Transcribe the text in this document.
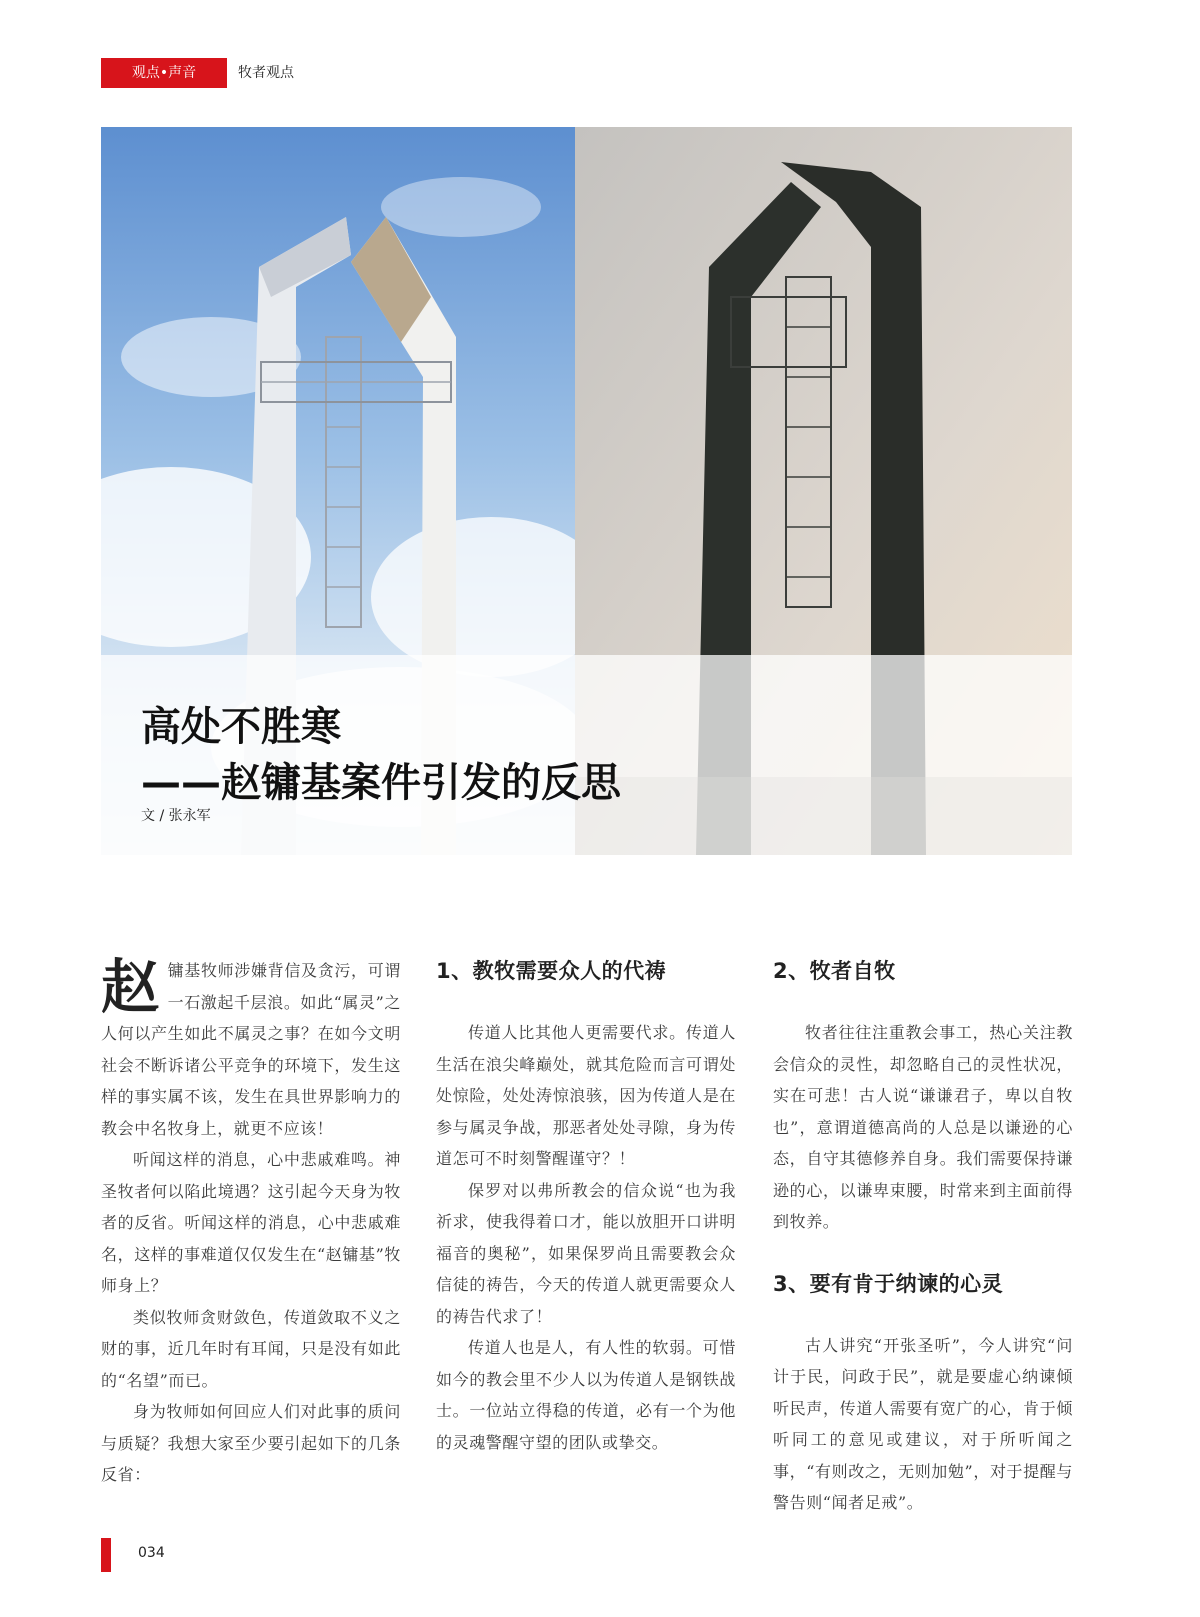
观点•声音	牧者观点
高处不胜寒
——赵镛基案件引发的反思
文 / 张永军

赵镛基牧师涉嫌背信及贪污，可谓一石激起千层浪。如此“属灵”之人何以产生如此不属灵之事？在如今文明社会不断诉诸公平竞争的环境下，发生这样的事实属不该，发生在具世界影响力的教会中名牧身上，就更不应该！

听闻这样的消息，心中悲戚难鸣。神圣牧者何以陷此境遇？这引起今天身为牧者的反省。听闻这样的消息，心中悲戚难名，这样的事难道仅仅发生在“赵镛基”牧师身上？

类似牧师贪财敛色，传道敛取不义之财的事，近几年时有耳闻，只是没有如此的“名望”而已。

身为牧师如何回应人们对此事的质问与质疑？我想大家至少要引起如下的几条反省：

1、教牧需要众人的代祷

传道人比其他人更需要代求。传道人生活在浪尖峰巅处，就其危险而言可谓处处惊险，处处涛惊浪骇，因为传道人是在参与属灵争战，那恶者处处寻隙，身为传道怎可不时刻警醒谨守？！

保罗对以弗所教会的信众说“也为我祈求，使我得着口才，能以放胆开口讲明福音的奥秘”，如果保罗尚且需要教会众信徒的祷告，今天的传道人就更需要众人的祷告代求了！

传道人也是人，有人性的软弱。可惜如今的教会里不少人以为传道人是钢铁战士。一位站立得稳的传道，必有一个为他的灵魂警醒守望的团队或挚交。

2、牧者自牧

牧者往往注重教会事工，热心关注教会信众的灵性，却忽略自己的灵性状况，实在可悲！古人说“谦谦君子，卑以自牧也”，意谓道德高尚的人总是以谦逊的心态，自守其德修养自身。我们需要保持谦逊的心，以谦卑束腰，时常来到主面前得到牧养。

3、要有肯于纳谏的心灵

古人讲究“开张圣听”，今人讲究“问计于民，问政于民”，就是要虚心纳谏倾听民声，传道人需要有宽广的心，肯于倾听同工的意见或建议，对于所听闻之事，“有则改之，无则加勉”，对于提醒与警告则“闻者足戒”。

034
